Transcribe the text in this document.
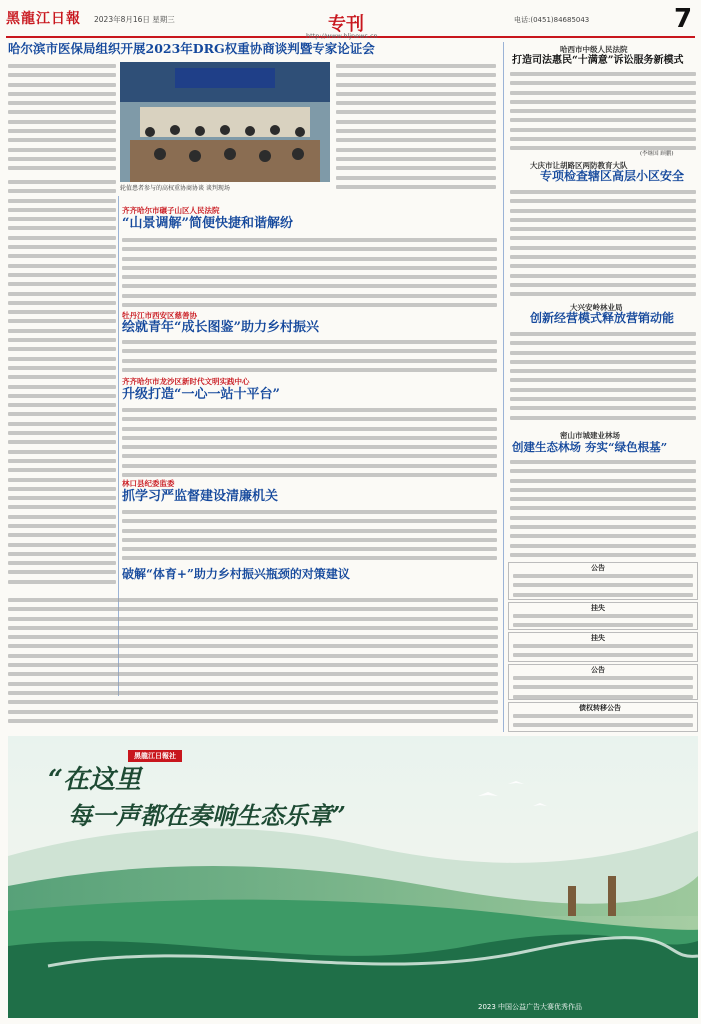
黑龍江日報 2023年8月16日 星期三	专刊
http://www.hljnews.cn
电话:(0451)84685043	7
哈尔滨市医保局组织开展2023年DRG权重协商谈判暨专家论证会
轮值患者参与的高权重协商协谈 谈判现场
齐齐哈尔市碾子山区人民法院
“山景调解”简便快捷和谐解纷
牡丹江市西安区慈善协
绘就青年“成长图鉴”助力乡村振兴
齐齐哈尔市龙沙区新时代文明实践中心
升级打造“一心一站十平台”
林口县纪委监委
抓学习严监督建设清廉机关
破解“体育+”助力乡村振兴瓶颈的对策建议
哈西市中级人民法院
打造司法惠民“十满意”诉讼服务新模式
(李继国 顾鹏)
大庆市让胡路区两防教育大队
专项检查辖区高层小区安全
大兴安岭林业局
创新经营模式释放营销动能
密山市城建业林场
创建生态林场 夯实“绿色根基”
公告
挂失
挂失
公告
债权转移公告
“在这里
每一声都在奏响生态乐章”
黑龍江日報社
2023 中国公益广告大赛优秀作品
